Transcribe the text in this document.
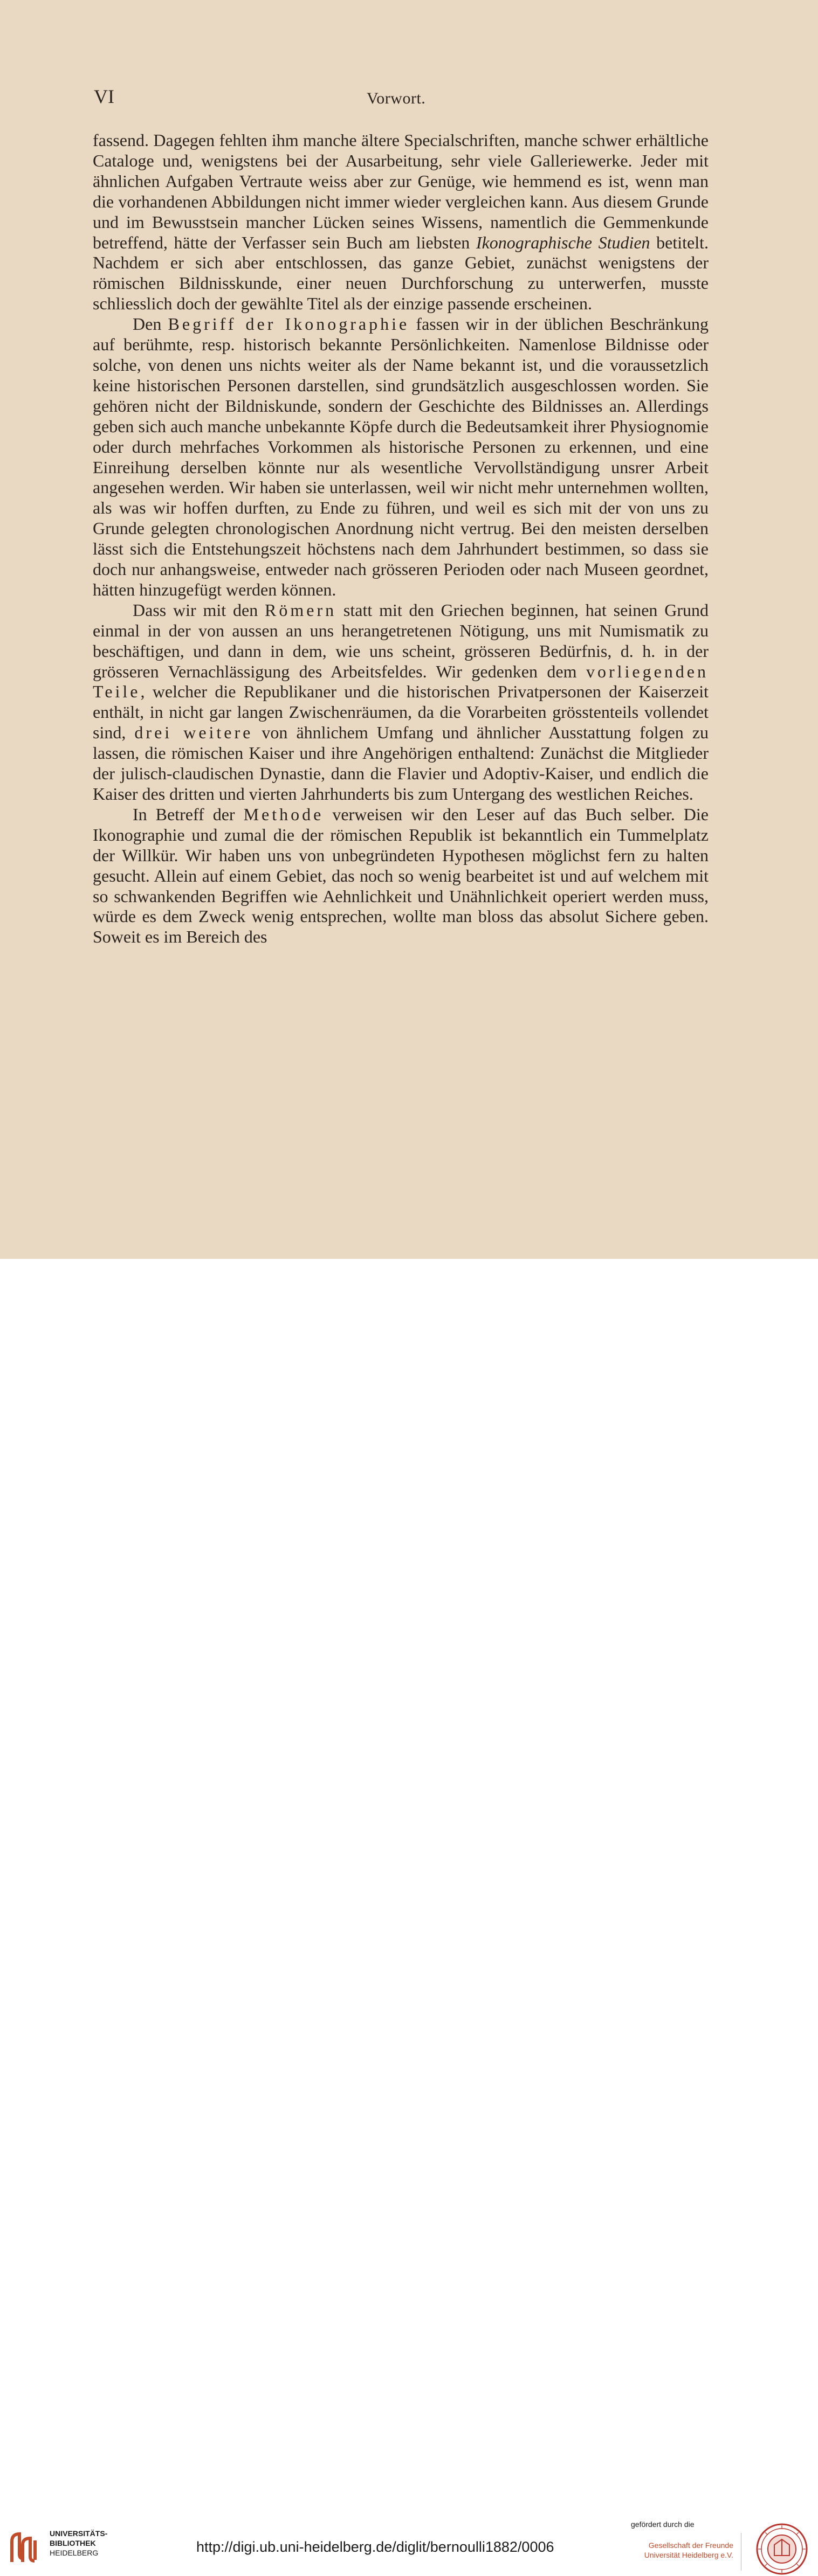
VI	Vorwort.

fassend. Dagegen fehlten ihm manche ältere Specialschriften, manche schwer erhältliche Cataloge und, wenigstens bei der Ausarbeitung, sehr viele Galleriewerke. Jeder mit ähnlichen Aufgaben Vertraute weiss aber zur Genüge, wie hemmend es ist, wenn man die vorhandenen Abbildungen nicht immer wieder vergleichen kann. Aus diesem Grunde und im Bewusstsein mancher Lücken seines Wissens, namentlich die Gemmenkunde betreffend, hätte der Verfasser sein Buch am liebsten Ikonographische Studien betitelt. Nachdem er sich aber entschlossen, das ganze Gebiet, zunächst wenigstens der römischen Bildnisskunde, einer neuen Durchforschung zu unterwerfen, musste schliesslich doch der gewählte Titel als der einzige passende erscheinen.

Den Begriff der Ikonographie fassen wir in der üblichen Beschränkung auf berühmte, resp. historisch bekannte Persönlichkeiten. Namenlose Bildnisse oder solche, von denen uns nichts weiter als der Name bekannt ist, und die voraussetzlich keine historischen Personen darstellen, sind grundsätzlich ausgeschlossen worden. Sie gehören nicht der Bildniskunde, sondern der Geschichte des Bildnisses an. Allerdings geben sich auch manche unbekannte Köpfe durch die Bedeutsamkeit ihrer Physiognomie oder durch mehrfaches Vorkommen als historische Personen zu erkennen, und eine Einreihung derselben könnte nur als wesentliche Vervollständigung unsrer Arbeit angesehen werden. Wir haben sie unterlassen, weil wir nicht mehr unternehmen wollten, als was wir hoffen durften, zu Ende zu führen, und weil es sich mit der von uns zu Grunde gelegten chronologischen Anordnung nicht vertrug. Bei den meisten derselben lässt sich die Entstehungszeit höchstens nach dem Jahrhundert bestimmen, so dass sie doch nur anhangsweise, entweder nach grösseren Perioden oder nach Museen geordnet, hätten hinzugefügt werden können.

Dass wir mit den Römern statt mit den Griechen beginnen, hat seinen Grund einmal in der von aussen an uns herangetretenen Nötigung, uns mit Numismatik zu beschäftigen, und dann in dem, wie uns scheint, grösseren Bedürfnis, d. h. in der grösseren Vernachlässigung des Arbeitsfeldes. Wir gedenken dem vorliegenden Teile, welcher die Republikaner und die historischen Privatpersonen der Kaiserzeit enthält, in nicht gar langen Zwischenräumen, da die Vorarbeiten grösstenteils vollendet sind, drei weitere von ähnlichem Umfang und ähnlicher Ausstattung folgen zu lassen, die römischen Kaiser und ihre Angehörigen enthaltend: Zunächst die Mitglieder der julisch-claudischen Dynastie, dann die Flavier und Adoptiv-Kaiser, und endlich die Kaiser des dritten und vierten Jahrhunderts bis zum Untergang des westlichen Reiches.

In Betreff der Methode verweisen wir den Leser auf das Buch selber. Die Ikonographie und zumal die der römischen Republik ist bekanntlich ein Tummelplatz der Willkür. Wir haben uns von unbegründeten Hypothesen möglichst fern zu halten gesucht. Allein auf einem Gebiet, das noch so wenig bearbeitet ist und auf welchem mit so schwankenden Begriffen wie Aehnlichkeit und Unähnlichkeit operiert werden muss, würde es dem Zweck wenig entsprechen, wollte man bloss das absolut Sichere geben. Soweit es im Bereich des

UNIVERSITÄTS-
BIBLIOTHEK
HEIDELBERG	http://digi.ub.uni-heidelberg.de/diglit/bernoulli1882/0006
gefördert durch die
Gesellschaft der Freunde
Universität Heidelberg e.V.
